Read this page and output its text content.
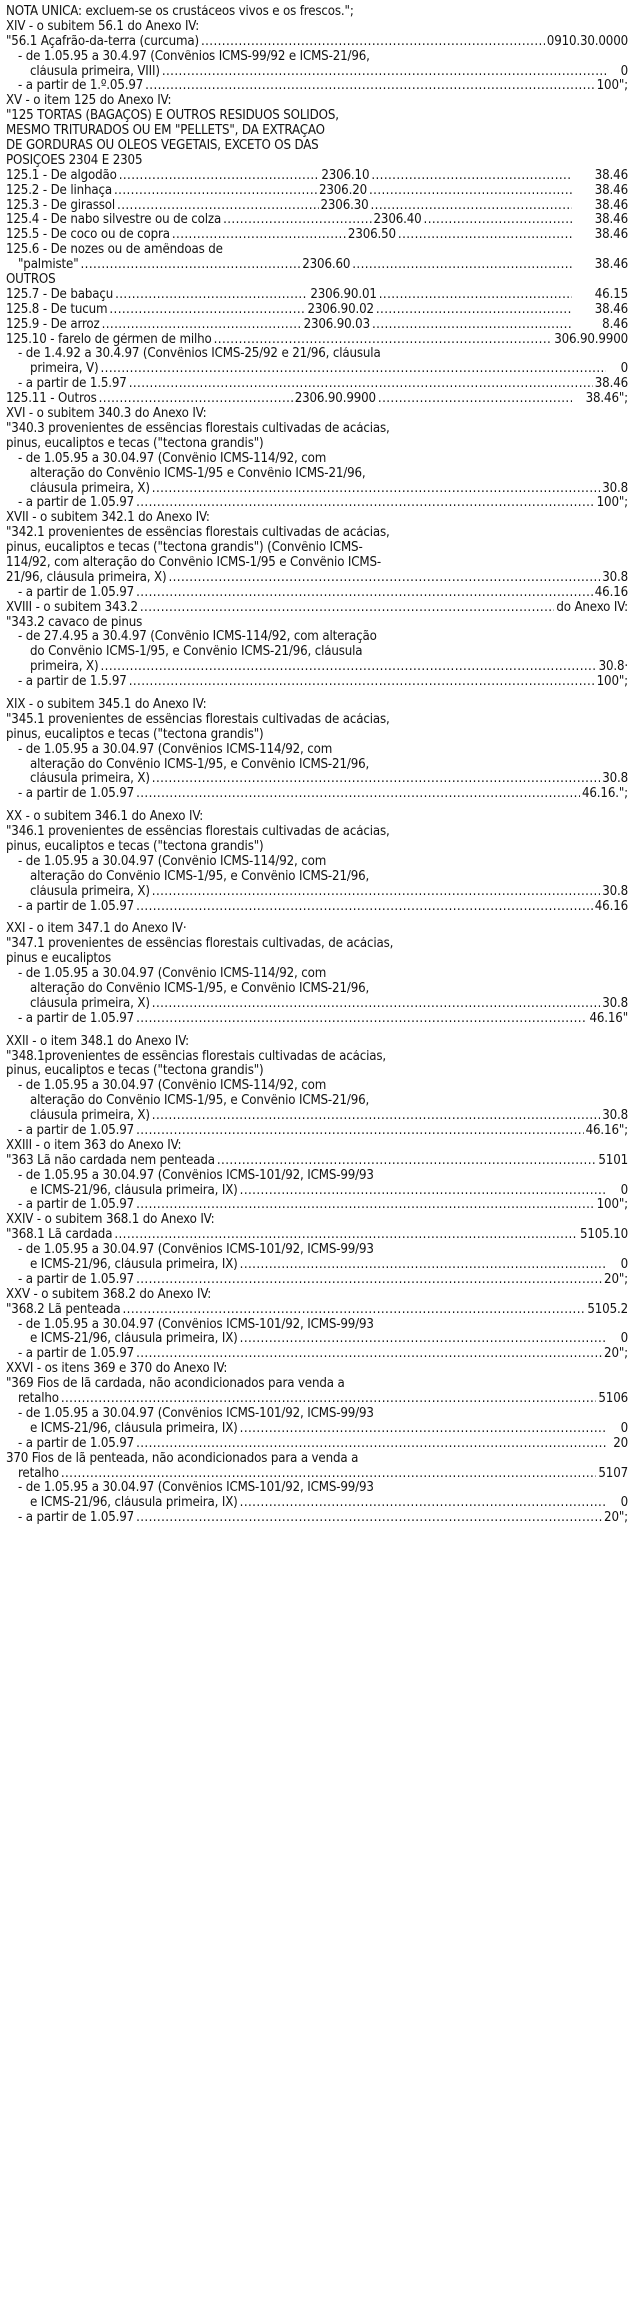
NOTA ÚNICA: excluem-se os crustáceos vivos e os frescos.";
XIV - o subitem 56.1 do Anexo IV:
"56.1 Açafrão-da-terra (curcuma) .....	0910.30.0000
- de 1.05.95 a 30.4.97 (Convênios ICMS-99/92 e ICMS-21/96,
cláusula primeira, VIII) .....	0
- a partir de 1.º.05.97 .....	100";
XV - o item 125 do Anexo IV:
"125 TORTAS (BAGAÇOS) E OUTROS RESÍDUOS SÓLIDOS,
MESMO TRITURADOS OU EM "PELLETS", DA EXTRAÇÃO
DE GORDURAS OU ÓLEOS VEGETAIS, EXCETO OS DAS
POSIÇÕES 2304 E 2305
125.1 - De algodão .....	2306.10 .....	38.46
125.2 - De linhaça .....	2306.20 .....	38.46
125.3 - De girassol .....	2306.30 .....	38.46
125.4 - De nabo silvestre ou de colza .....	2306.40 .....	38.46
125.5 - De coco ou de copra .....	2306.50 .....	38.46
125.6 - De nozes ou de amêndoas de
"palmiste" .....	2306.60 .....	38.46
OUTROS
125.7 - De babaçu .....	2306.90.01 .....	46.15
125.8 - De tucum .....	2306.90.02 .....	38.46
125.9 - De arroz .....	2306.90.03 .....	8.46
125.10 - farelo de gérmen de milho .....	306.90.9900
- de 1.4.92 a 30.4.97 (Convênios ICMS-25/92 e 21/96, cláusula
primeira, V) .....	0
- a partir de 1.5.97 .....	38.46
125.11 - Outros .....	2306.90.9900 .....	38.46";
XVI - o subitem 340.3 do Anexo IV:
"340.3 provenientes de essências florestais cultivadas de acácias,
pinus, eucaliptos e tecas ("tectona grandis")
- de 1.05.95 a 30.04.97 (Convênio ICMS-114/92, com
alteração do Convênio ICMS-1/95 e Convênio ICMS-21/96,
cláusula primeira, X) .....	30.8
- a partir de 1.05.97 .....	100";
XVII - o subitem 342.1 do Anexo IV:
"342.1 provenientes de essências florestais cultivadas de acácias,
pinus, eucaliptos e tecas ("tectona grandis") (Convênio ICMS-
114/92, com alteração do Convênio ICMS-1/95 e Convênio ICMS-
21/96, cláusula primeira, X) .....	30.8
- a partir de 1.05.97 .....	46.16
XVIII - o subitem 343.2 .....	do Anexo IV:
"343.2 cavaco de pinus
- de 27.4.95 a 30.4.97 (Convênio ICMS-114/92, com alteração
do Convênio ICMS-1/95, e Convênio ICMS-21/96, cláusula
primeira, X) .....	30.8·
- a partir de 1.5.97 .....	100";
XIX - o subitem 345.1 do Anexo IV:
"345.1 provenientes de essências florestais cultivadas de acácias,
pinus, eucaliptos e tecas ("tectona grandis")
- de 1.05.95 a 30.04.97 (Convênios ICMS-114/92, com
alteração do Convênio ICMS-1/95, e Convênio ICMS-21/96,
cláusula primeira, X) .....	30.8
- a partir de 1.05.97 .....	46.16.";
XX - o subitem 346.1 do Anexo IV:
"346.1 provenientes de essências florestais cultivadas de acácias,
pinus, eucaliptos e tecas ("tectona grandis")
- de 1.05.95 a 30.04.97 (Convênio ICMS-114/92, com
alteração do Convênio ICMS-1/95, e Convênio ICMS-21/96,
cláusula primeira, X) .....	30.8
- a partir de 1.05.97 .....	46.16
XXI - o item 347.1 do Anexo IV·
"347.1 provenientes de essências florestais cultivadas, de acácias,
pinus e eucaliptos
- de 1.05.95 a 30.04.97 (Convênio ICMS-114/92, com
alteração do Convênio ICMS-1/95, e Convênio ICMS-21/96,
cláusula primeira, X) .....	30.8
- a partir de 1.05.97 .....	46.16"
XXII - o item 348.1 do Anexo IV:
"348.1provenientes de essências florestais cultivadas de acácias,
pinus, eucaliptos e tecas ("tectona grandis")
- de 1.05.95 a 30.04.97 (Convênio ICMS-114/92, com
alteração do Convênio ICMS-1/95, e Convênio ICMS-21/96,
cláusula primeira, X) .....	30.8
- a partir de 1.05.97 .....	46.16";
XXIII - o item 363 do Anexo IV:
"363 Lã não cardada nem penteada .....	5101
- de 1.05.95 a 30.04.97 (Convênios ICMS-101/92, ICMS-99/93
e ICMS-21/96, cláusula primeira, IX) .....	0
- a partir de 1.05.97 .....	100";
XXIV - o subitem 368.1 do Anexo IV:
"368.1 Lã cardada .....	5105.10
- de 1.05.95 a 30.04.97 (Convênios ICMS-101/92, ICMS-99/93
e ICMS-21/96, cláusula primeira, IX) .....	0
- a partir de 1.05.97 .....	20";
XXV - o subitem 368.2 do Anexo IV:
"368.2 Lã penteada .....	5105.2
- de 1.05.95 a 30.04.97 (Convênios ICMS-101/92, ICMS-99/93
e ICMS-21/96, cláusula primeira, IX) .....	0
- a partir de 1.05.97 .....	20";
XXVI - os itens 369 e 370 do Anexo IV:
"369 Fios de lã cardada, não acondicionados para venda a
retalho .....	5106
- de 1.05.95 a 30.04.97 (Convênios ICMS-101/92, ICMS-99/93
e ICMS-21/96, cláusula primeira, IX) .....	0
- a partir de 1.05.97 .....	20
370 Fios de lã penteada, não acondicionados para a venda a
retalho .....	5107
- de 1.05.95 a 30.04.97 (Convênios ICMS-101/92, ICMS-99/93
e ICMS-21/96, cláusula primeira, IX) .....	0
- a partir de 1.05.97 .....	20";
